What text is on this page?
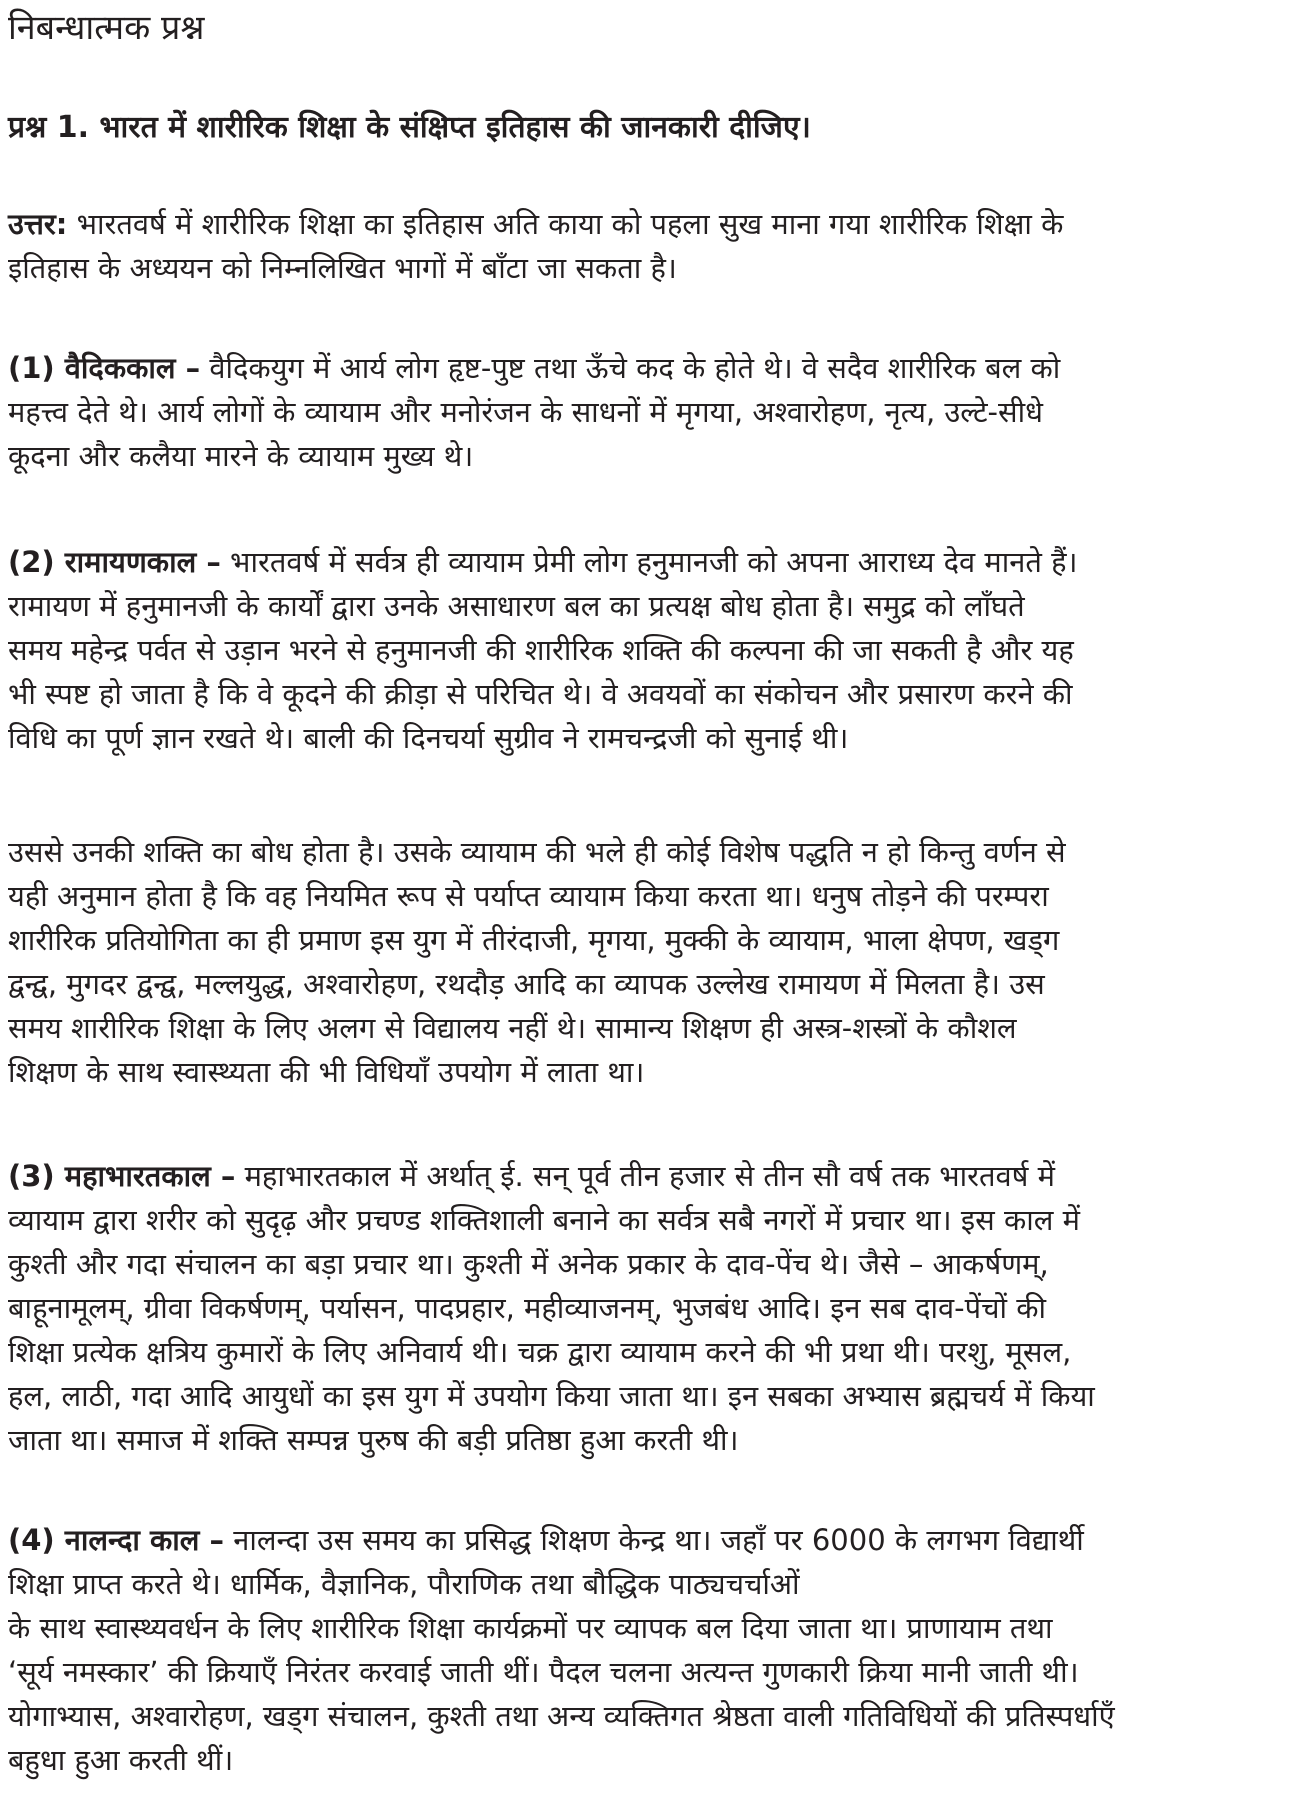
निबन्धात्मक प्रश्न

प्रश्न 1. भारत में शारीरिक शिक्षा के संक्षिप्त इतिहास की जानकारी दीजिए।

उत्तर: भारतवर्ष में शारीरिक शिक्षा का इतिहास अति काया को पहला सुख माना गया शारीरिक शिक्षा के
इतिहास के अध्ययन को निम्नलिखित भागों में बाँटा जा सकता है।

(1) वैदिककाल – वैदिकयुग में आर्य लोग हृष्ट-पुष्ट तथा ऊँचे कद के होते थे। वे सदैव शारीरिक बल को
महत्त्व देते थे। आर्य लोगों के व्यायाम और मनोरंजन के साधनों में मृगया, अश्वारोहण, नृत्य, उल्टे-सीधे
कूदना और कलैया मारने के व्यायाम मुख्य थे।

(2) रामायणकाल – भारतवर्ष में सर्वत्र ही व्यायाम प्रेमी लोग हनुमानजी को अपना आराध्य देव मानते हैं।
रामायण में हनुमानजी के कार्यों द्वारा उनके असाधारण बल का प्रत्यक्ष बोध होता है। समुद्र को लाँघते
समय महेन्द्र पर्वत से उड़ान भरने से हनुमानजी की शारीरिक शक्ति की कल्पना की जा सकती है और यह
भी स्पष्ट हो जाता है कि वे कूदने की क्रीड़ा से परिचित थे। वे अवयवों का संकोचन और प्रसारण करने की
विधि का पूर्ण ज्ञान रखते थे। बाली की दिनचर्या सुग्रीव ने रामचन्द्रजी को सुनाई थी।

उससे उनकी शक्ति का बोध होता है। उसके व्यायाम की भले ही कोई विशेष पद्धति न हो किन्तु वर्णन से
यही अनुमान होता है कि वह नियमित रूप से पर्याप्त व्यायाम किया करता था। धनुष तोड़ने की परम्परा
शारीरिक प्रतियोगिता का ही प्रमाण इस युग में तीरंदाजी, मृगया, मुक्की के व्यायाम, भाला क्षेपण, खड्ग
द्वन्द्व, मुगदर द्वन्द्व, मल्लयुद्ध, अश्वारोहण, रथदौड़ आदि का व्यापक उल्लेख रामायण में मिलता है। उस
समय शारीरिक शिक्षा के लिए अलग से विद्यालय नहीं थे। सामान्य शिक्षण ही अस्त्र-शस्त्रों के कौशल
शिक्षण के साथ स्वास्थ्यता की भी विधियाँ उपयोग में लाता था।

(3) महाभारतकाल – महाभारतकाल में अर्थात् ई. सन् पूर्व तीन हजार से तीन सौ वर्ष तक भारतवर्ष में
व्यायाम द्वारा शरीर को सुदृढ़ और प्रचण्ड शक्तिशाली बनाने का सर्वत्र सबै नगरों में प्रचार था। इस काल में
कुश्ती और गदा संचालन का बड़ा प्रचार था। कुश्ती में अनेक प्रकार के दाव-पेंच थे। जैसे – आकर्षणम्,
बाहूनामूलम्, ग्रीवा विकर्षणम्, पर्यासन, पादप्रहार, महीव्याजनम्, भुजबंध आदि। इन सब दाव-पेंचों की
शिक्षा प्रत्येक क्षत्रिय कुमारों के लिए अनिवार्य थी। चक्र द्वारा व्यायाम करने की भी प्रथा थी। परशु, मूसल,
हल, लाठी, गदा आदि आयुधों का इस युग में उपयोग किया जाता था। इन सबका अभ्यास ब्रह्मचर्य में किया
जाता था। समाज में शक्ति सम्पन्न पुरुष की बड़ी प्रतिष्ठा हुआ करती थी।

(4) नालन्दा काल – नालन्दा उस समय का प्रसिद्ध शिक्षण केन्द्र था। जहाँ पर 6000 के लगभग विद्यार्थी
शिक्षा प्राप्त करते थे। धार्मिक, वैज्ञानिक, पौराणिक तथा बौद्धिक पाठ्यचर्चाओं
के साथ स्वास्थ्यवर्धन के लिए शारीरिक शिक्षा कार्यक्रमों पर व्यापक बल दिया जाता था। प्राणायाम तथा
‘सूर्य नमस्कार’ की क्रियाएँ निरंतर करवाई जाती थीं। पैदल चलना अत्यन्त गुणकारी क्रिया मानी जाती थी।
योगाभ्यास, अश्वारोहण, खड्ग संचालन, कुश्ती तथा अन्य व्यक्तिगत श्रेष्ठता वाली गतिविधियों की प्रतिस्पर्धाएँ
बहुधा हुआ करती थीं।
